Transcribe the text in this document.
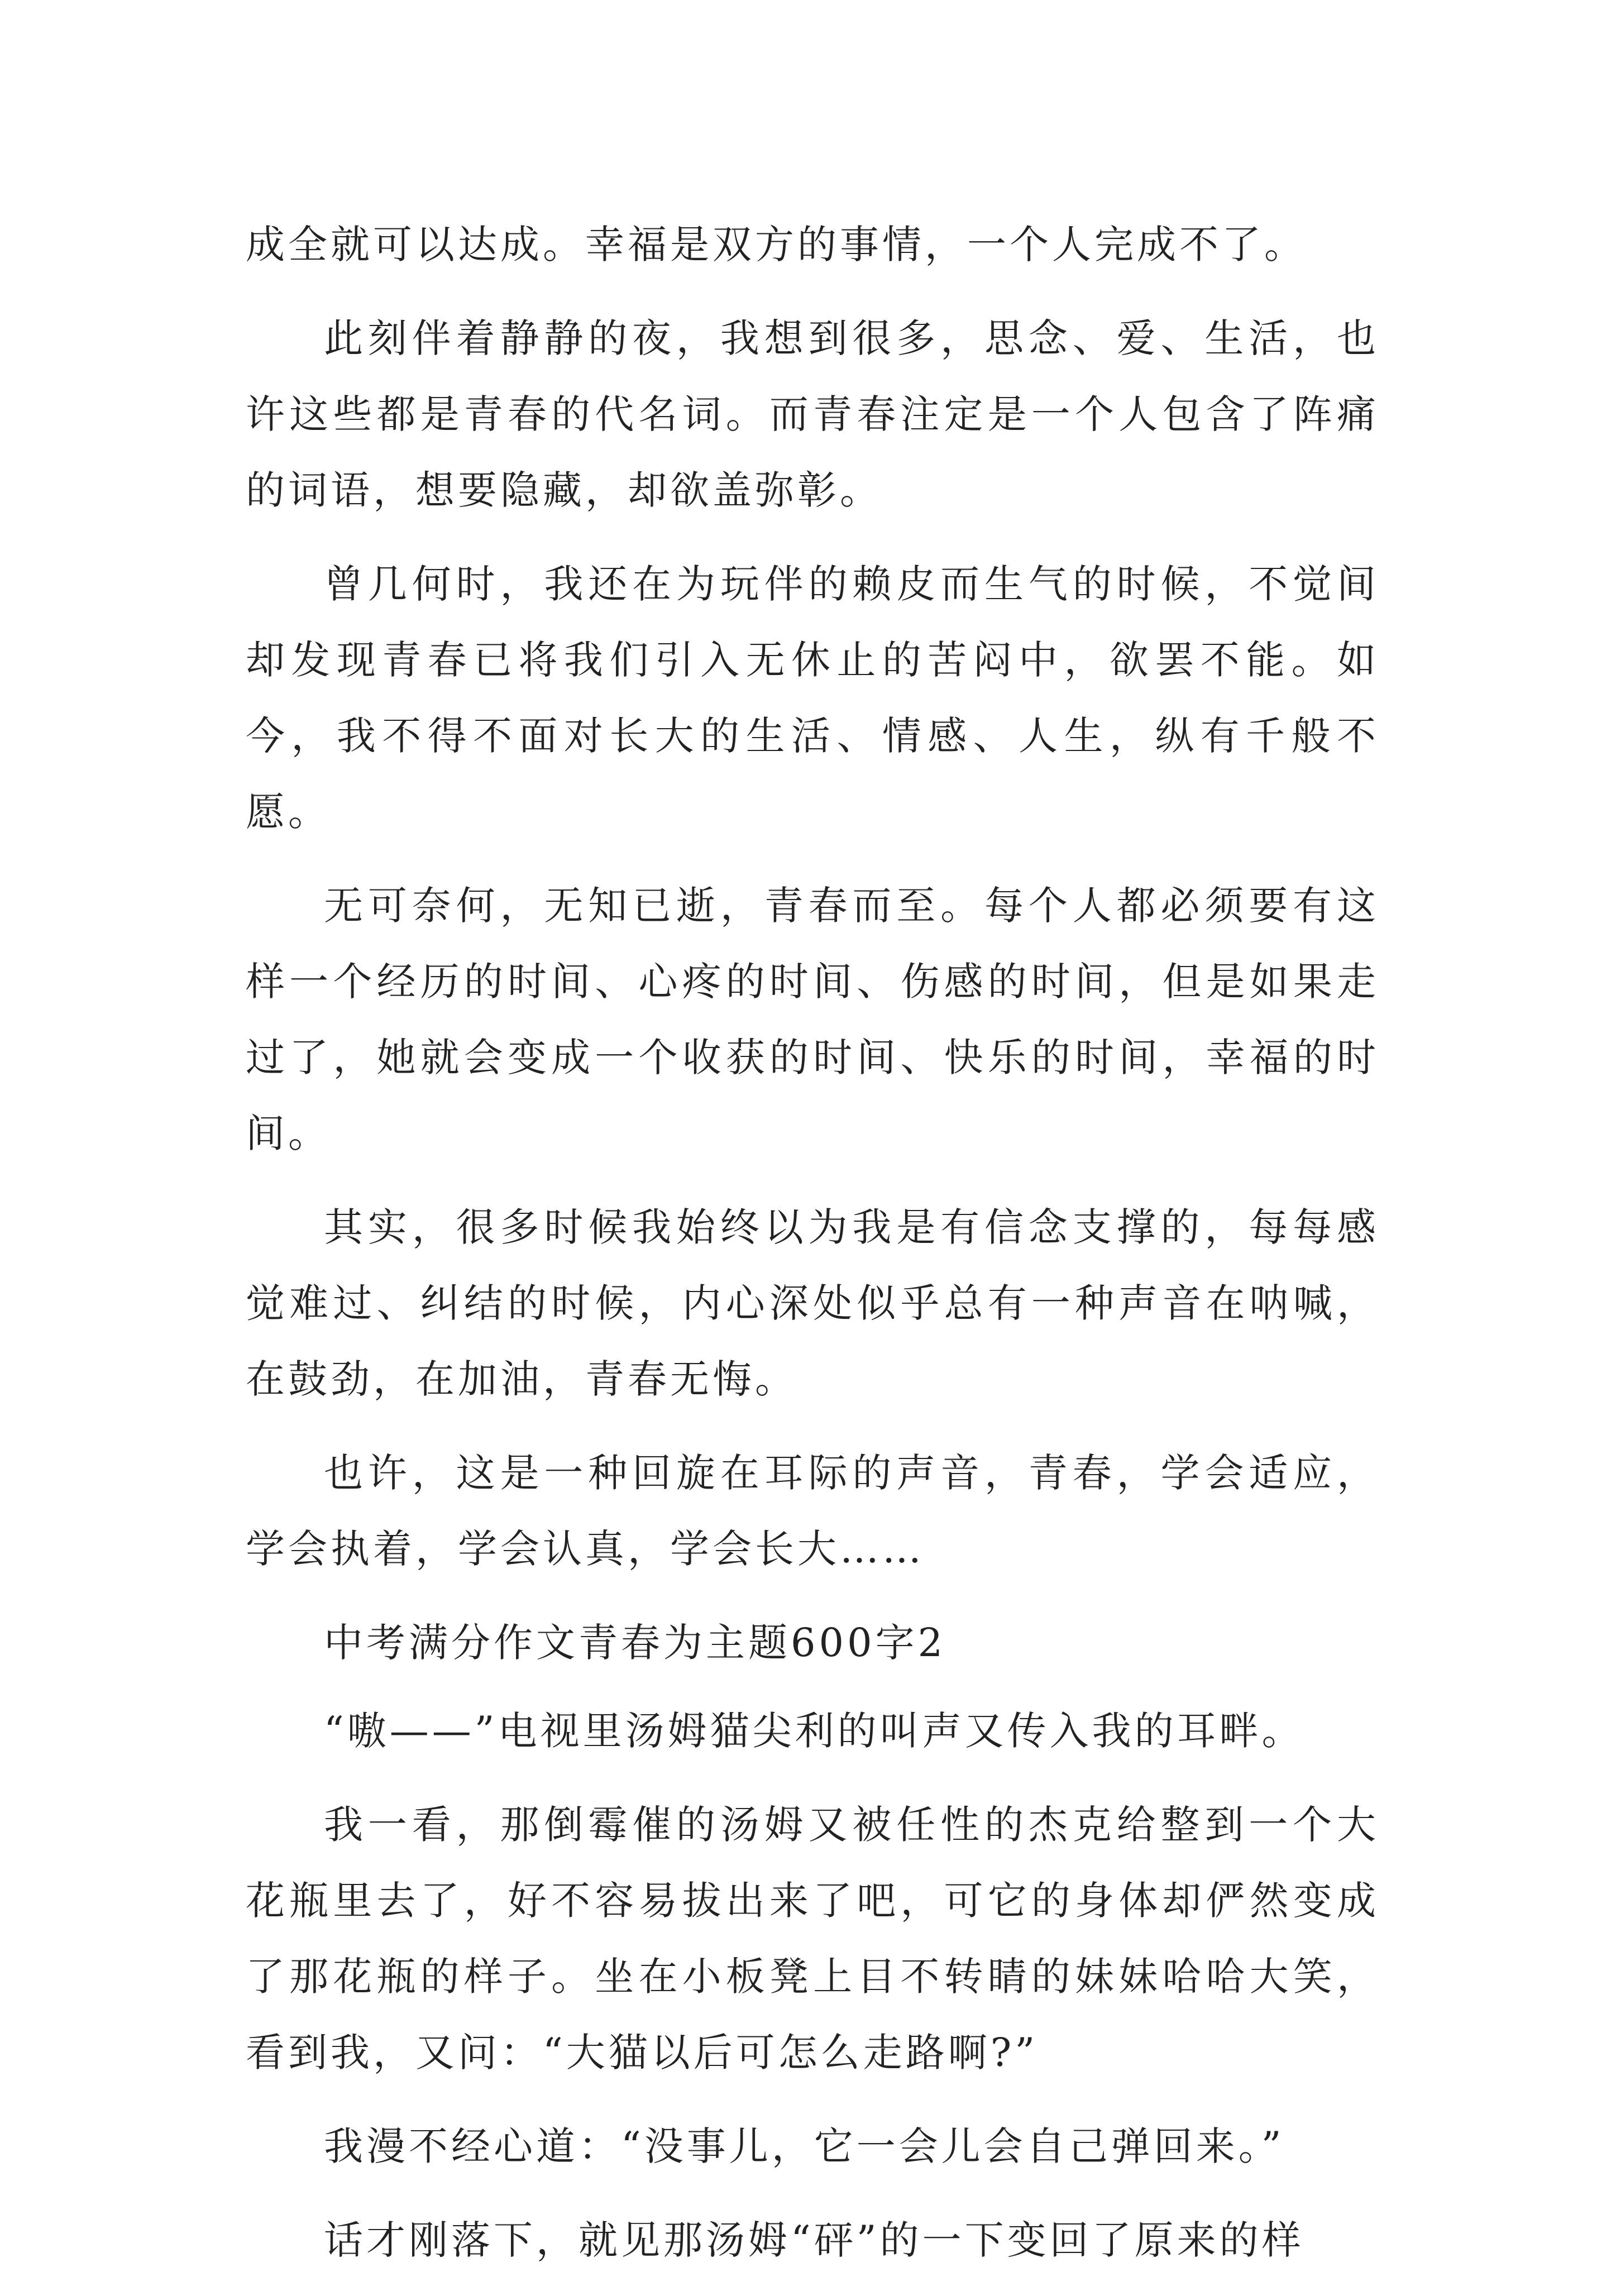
成全就可以达成。幸福是双方的事情，一个人完成不了。

此刻伴着静静的夜，我想到很多，思念、爱、生活，也许这些都是青春的代名词。而青春注定是一个人包含了阵痛的词语，想要隐藏，却欲盖弥彰。

曾几何时，我还在为玩伴的赖皮而生气的时候，不觉间却发现青春已将我们引入无休止的苦闷中，欲罢不能。如今，我不得不面对长大的生活、情感、人生，纵有千般不愿。

无可奈何，无知已逝，青春而至。每个人都必须要有这样一个经历的时间、心疼的时间、伤感的时间，但是如果走过了，她就会变成一个收获的时间、快乐的时间，幸福的时间。

其实，很多时候我始终以为我是有信念支撑的，每每感觉难过、纠结的时候，内心深处似乎总有一种声音在呐喊，在鼓劲，在加油，青春无悔。

也许，这是一种回旋在耳际的声音，青春，学会适应，学会执着，学会认真，学会长大……

中考满分作文青春为主题600字2

“嗷——”电视里汤姆猫尖利的叫声又传入我的耳畔。

我一看，那倒霉催的汤姆又被任性的杰克给整到一个大花瓶里去了，好不容易拔出来了吧，可它的身体却俨然变成了那花瓶的样子。坐在小板凳上目不转睛的妹妹哈哈大笑，看到我，又问：“大猫以后可怎么走路啊?”

我漫不经心道：“没事儿，它一会儿会自己弹回来。”

话才刚落下，就见那汤姆“砰”的一下变回了原来的样
